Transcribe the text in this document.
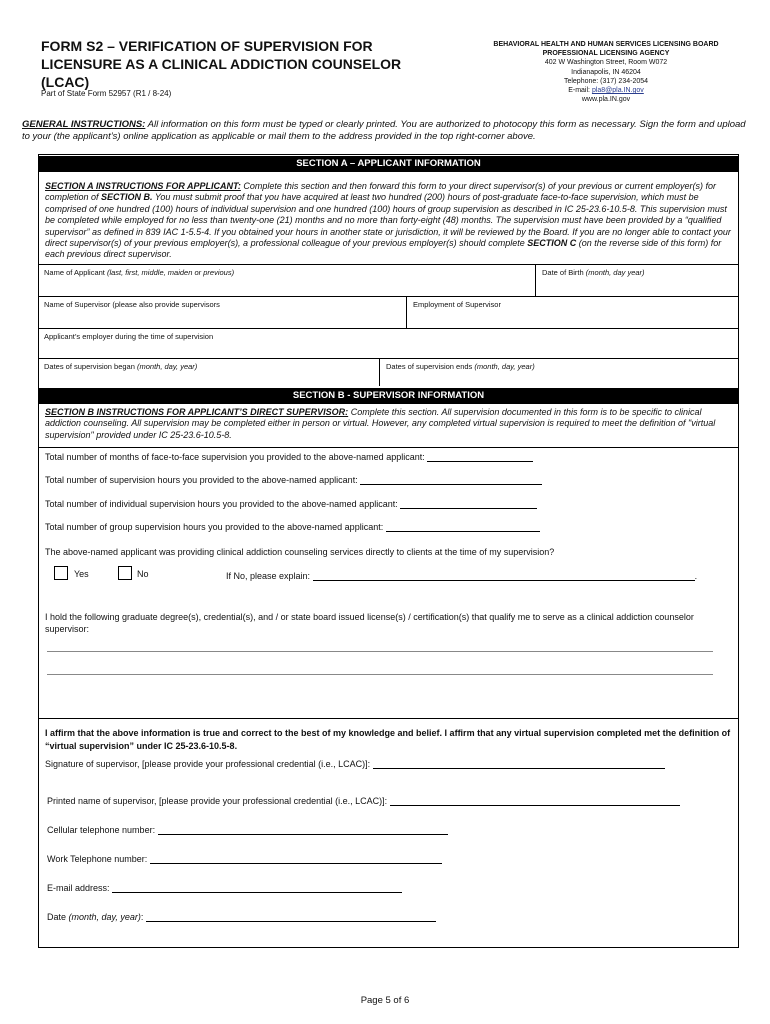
FORM S2 – VERIFICATION OF SUPERVISION FOR
LICENSURE AS A CLINICAL ADDICTION COUNSELOR
(LCAC)
Part of State Form 52957 (R1 / 8-24)
BEHAVIORAL HEALTH AND HUMAN SERVICES LICENSING BOARD
PROFESSIONAL LICENSING AGENCY
402 W Washington Street, Room W072
Indianapolis, IN 46204
Telephone: (317) 234-2054
E-mail: pla8@pla.IN.gov
www.pla.IN.gov
GENERAL INSTRUCTIONS: All information on this form must be typed or clearly printed. You are authorized to photocopy this form as necessary. Sign the form and upload to your (the applicant’s) online application as applicable or mail them to the address provided in the top right-corner above.
SECTION A – APPLICANT INFORMATION
SECTION A INSTRUCTIONS FOR APPLICANT: Complete this section and then forward this form to your direct supervisor(s) of your previous or current employer(s) for completion of SECTION B. You must submit proof that you have acquired at least two hundred (200) hours of post-graduate face-to-face supervision, which must be comprised of one hundred (100) hours of individual supervision and one hundred (100) hours of group supervision as described in IC 25-23.6-10.5-8. This supervision must be completed while employed for no less than twenty-one (21) months and no more than forty-eight (48) months. The supervision must have been provided by a “qualified supervisor” as defined in 839 IAC 1-5.5-4. If you obtained your hours in another state or jurisdiction, it will be reviewed by the Board. If you are no longer able to contact your direct supervisor(s) of your previous employer(s), a professional colleague of your previous employer(s) should complete SECTION C (on the reverse side of this form) for each previous direct supervisor.
Name of Applicant (last, first, middle, maiden or previous)	Date of Birth (month, day year)
Name of Supervisor (please also provide supervisors	Employment of Supervisor
Applicant’s employer during the time of supervision
Dates of supervision began (month, day, year)	Dates of supervision ends (month, day, year)
SECTION B - SUPERVISOR INFORMATION
SECTION B INSTRUCTIONS FOR APPLICANT’S DIRECT SUPERVISOR: Complete this section. All supervision documented in this form is to be specific to clinical addiction counseling. All supervision may be completed either in person or virtual. However, any completed virtual supervision is required to meet the definition of "virtual supervision" provided under IC 25-23.6-10.5-8.
Total number of months of face-to-face supervision you provided to the above-named applicant:
Total number of supervision hours you provided to the above-named applicant:
Total number of individual supervision hours you provided to the above-named applicant:
Total number of group supervision hours you provided to the above-named applicant:
The above-named applicant was providing clinical addiction counseling services directly to clients at the time of my supervision?
Yes	No	If No, please explain:	.
I hold the following graduate degree(s), credential(s), and / or state board issued license(s) / certification(s) that qualify me to serve as a clinical addiction counselor supervisor:
I affirm that the above information is true and correct to the best of my knowledge and belief. I affirm that any virtual supervision completed met the definition of “virtual supervision” under IC 25-23.6-10.5-8.
Signature of supervisor, [please provide your professional credential (i.e., LCAC)]:
Printed name of supervisor, [please provide your professional credential (i.e., LCAC)]:
Cellular telephone number:
Work Telephone number:
E-mail address:
Date (month, day, year):
Page 5 of 6
